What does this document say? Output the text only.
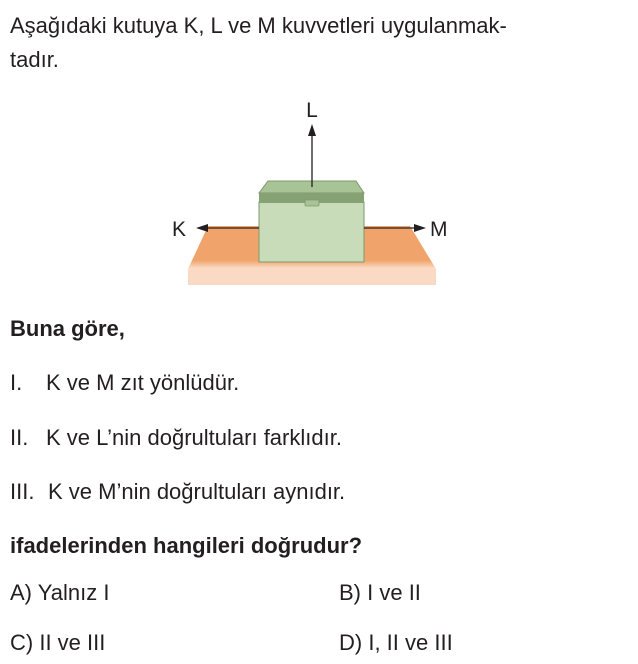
Aşağıdaki kutuya K, L ve M kuvvetleri uygulanmak-
tadır.
L
K	M
Buna göre,
I. K ve M zıt yönlüdür.
II. K ve L’nin doğrultuları farklıdır.
III. K ve M’nin doğrultuları aynıdır.
ifadelerinden hangileri doğrudur?
A) Yalnız I	B) I ve II
C) II ve III	D) I, II ve III
